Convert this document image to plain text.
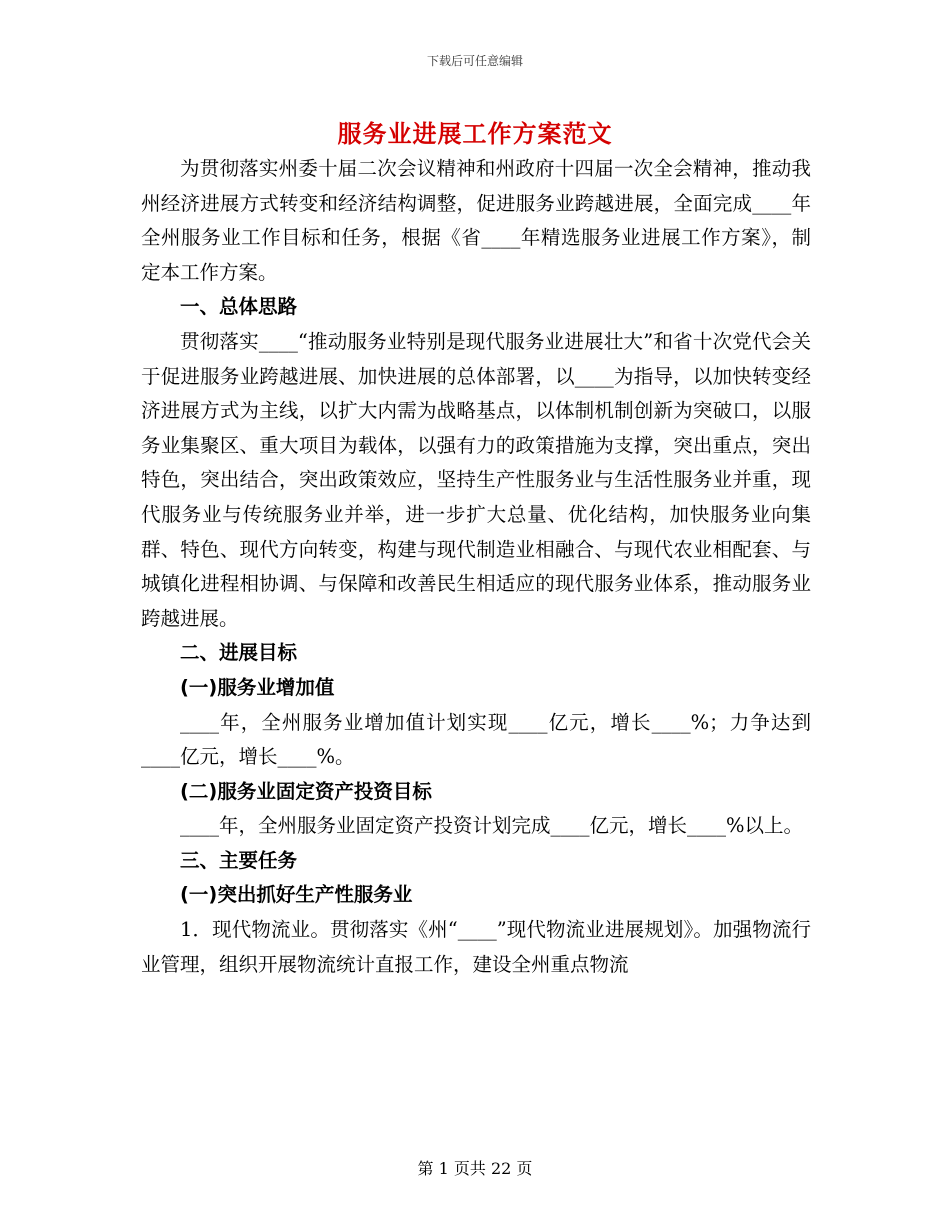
下载后可任意编辑
服务业进展工作方案范文

为贯彻落实州委十届二次会议精神和州政府十四届一次全会精神，推动我州经济进展方式转变和经济结构调整，促进服务业跨越进展，全面完成____年全州服务业工作目标和任务，根据《省____年精选服务业进展工作方案》，制定本工作方案。

一、总体思路

贯彻落实____“推动服务业特别是现代服务业进展壮大”和省十次党代会关于促进服务业跨越进展、加快进展的总体部署，以____为指导，以加快转变经济进展方式为主线，以扩大内需为战略基点，以体制机制创新为突破口，以服务业集聚区、重大项目为载体，以强有力的政策措施为支撑，突出重点，突出特色，突出结合，突出政策效应，坚持生产性服务业与生活性服务业并重，现代服务业与传统服务业并举，进一步扩大总量、优化结构，加快服务业向集群、特色、现代方向转变，构建与现代制造业相融合、与现代农业相配套、与城镇化进程相协调、与保障和改善民生相适应的现代服务业体系，推动服务业跨越进展。

二、进展目标

(一)服务业增加值

____年，全州服务业增加值计划实现____亿元，增长____%；力争达到____亿元，增长____%。

(二)服务业固定资产投资目标

____年，全州服务业固定资产投资计划完成____亿元，增长____%以上。

三、主要任务

(一)突出抓好生产性服务业

1．现代物流业。贯彻落实《州“____”现代物流业进展规划》。加强物流行业管理，组织开展物流统计直报工作，建设全州重点物流

第 1 页共 22 页
